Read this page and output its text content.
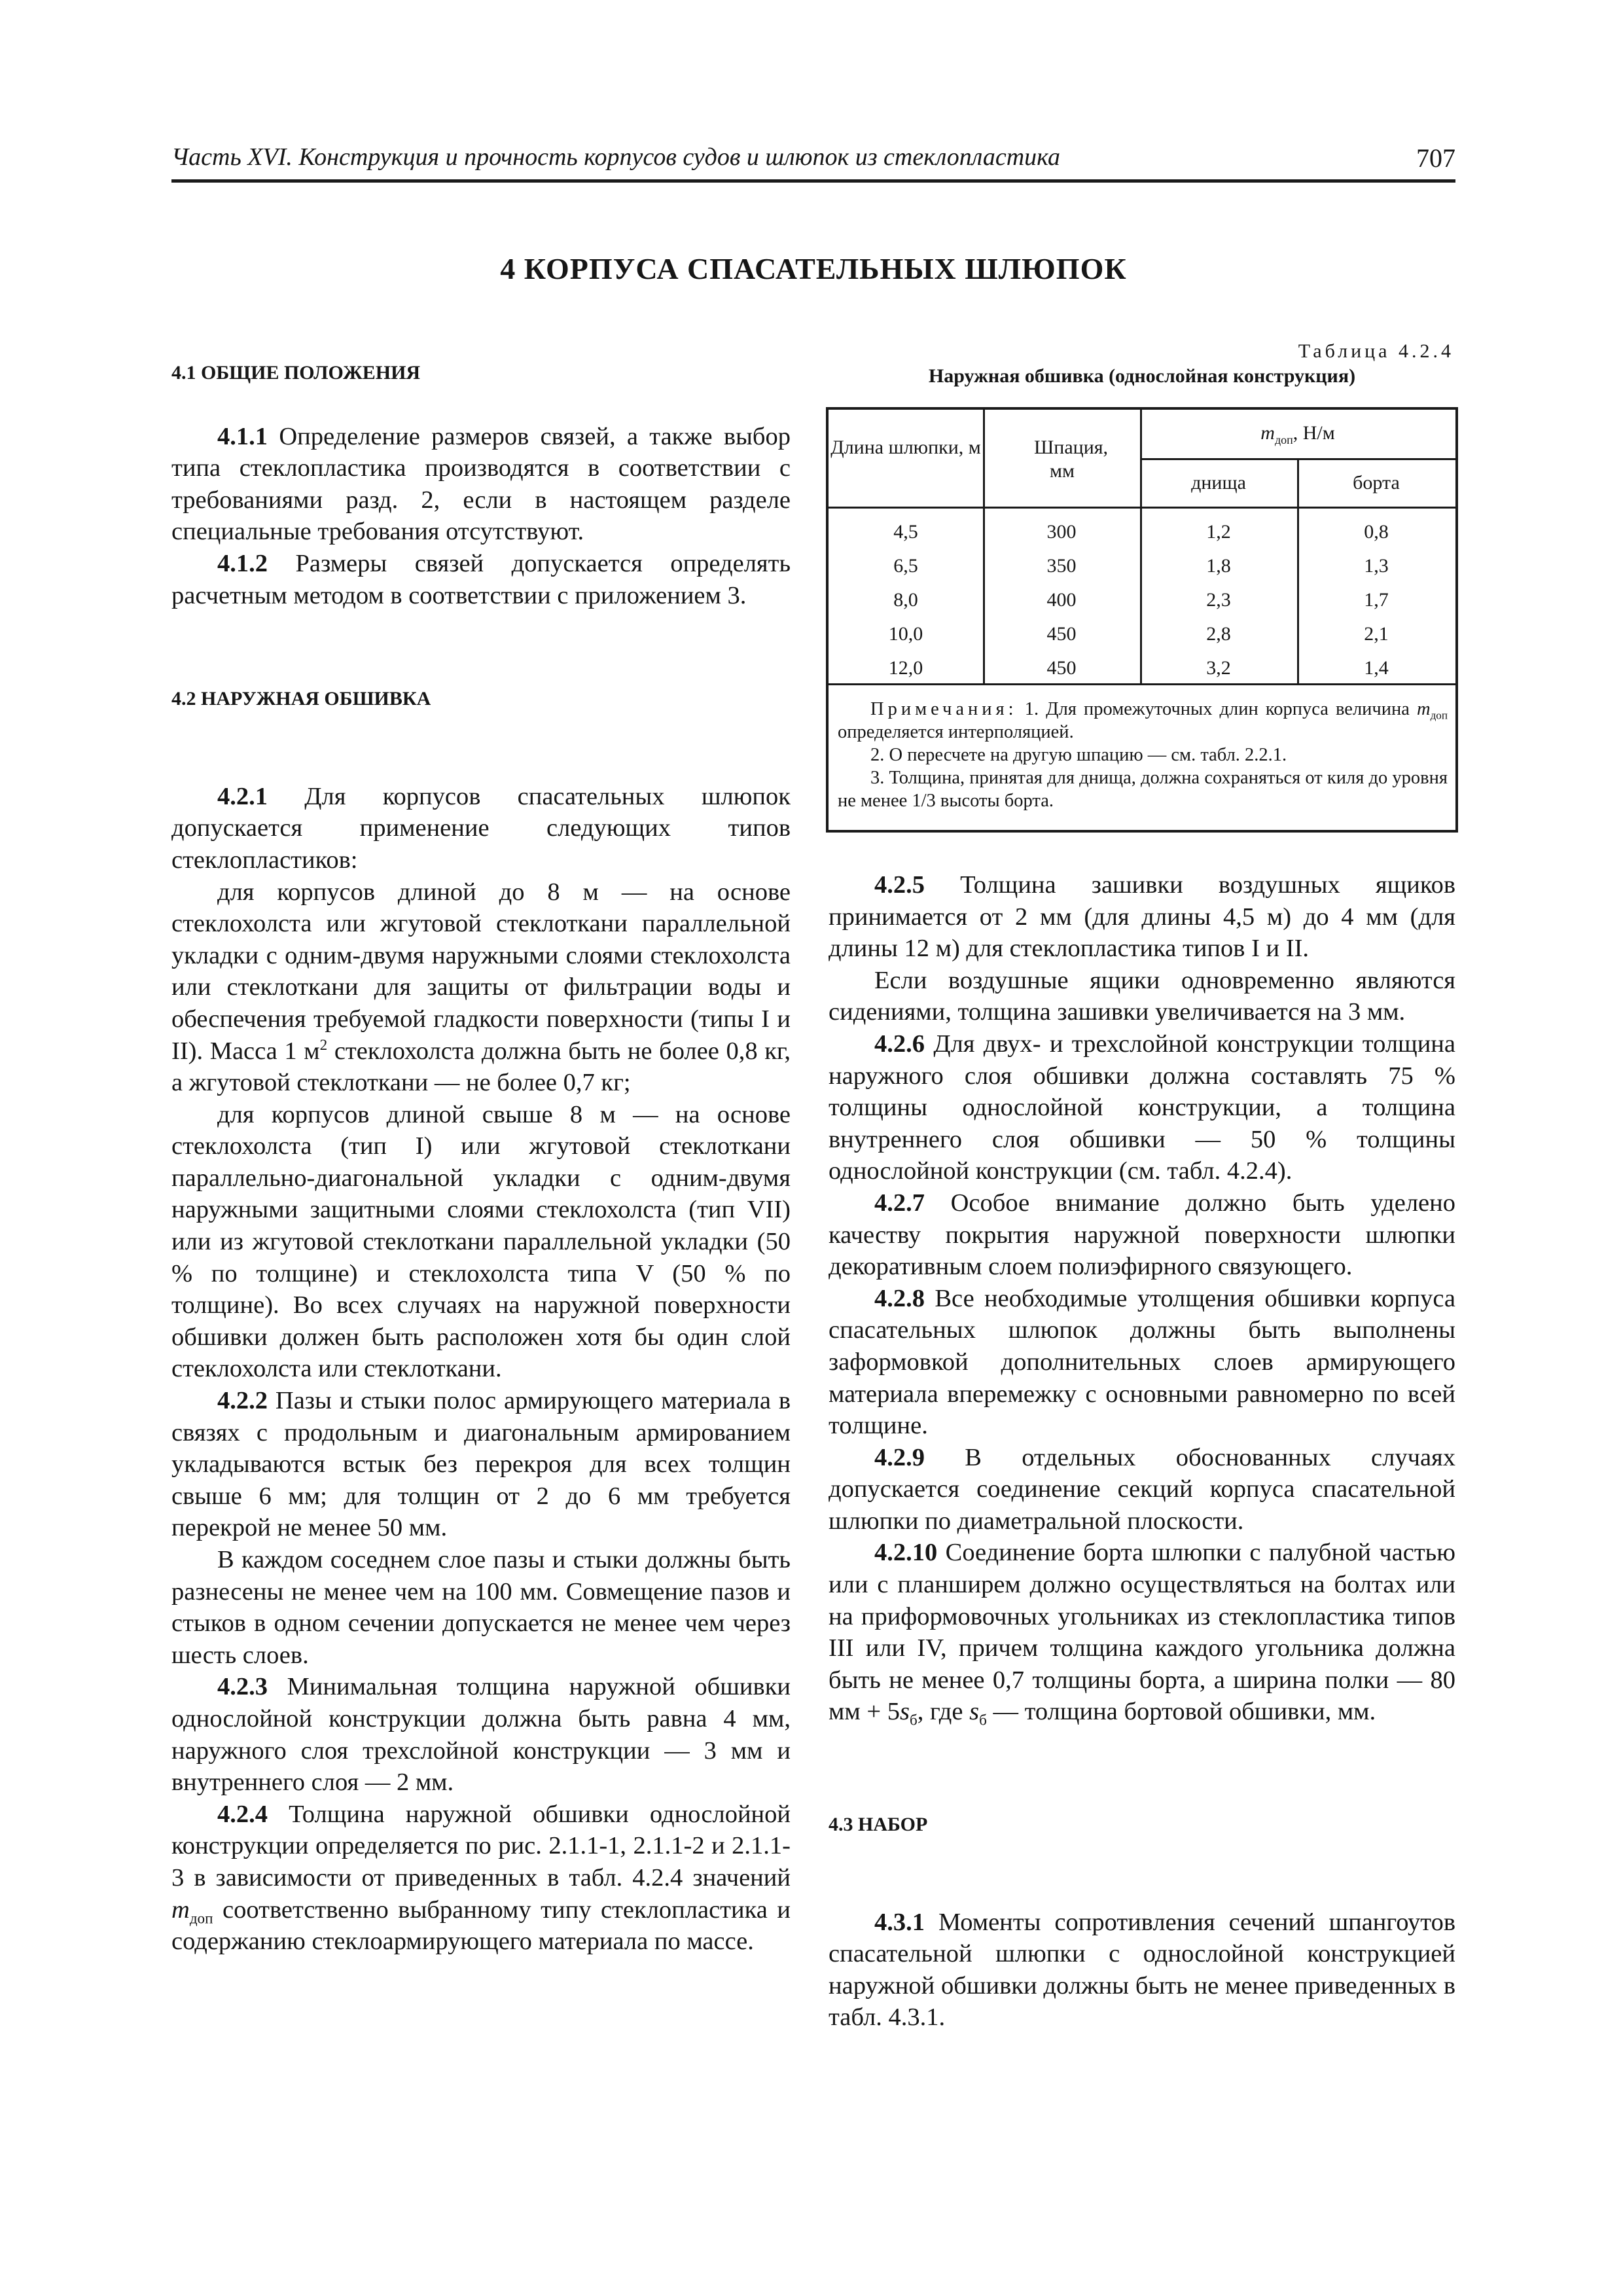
Часть XVI. Конструкция и прочность корпусов судов и шлюпок из стеклопластика	707
4 КОРПУСА СПАСАТЕЛЬНЫХ ШЛЮПОК

4.1 ОБЩИЕ ПОЛОЖЕНИЯ

4.1.1 Определение размеров связей, а также выбор типа стеклопластика производятся в соответствии с требованиями разд. 2, если в настоящем разделе специальные требования отсутствуют.

4.1.2 Размеры связей допускается определять расчетным методом в соответствии с приложением 3.

4.2 НАРУЖНАЯ ОБШИВКА

4.2.1 Для корпусов спасательных шлюпок допускается применение следующих типов стеклопластиков:

для корпусов длиной до 8 м — на основе стеклохолста или жгутовой стеклоткани параллельной укладки с одним-двумя наружными слоями стеклохолста или стеклоткани для защиты от фильтрации воды и обеспечения требуемой гладкости поверхности (типы I и II). Масса 1 $м^2$ стеклохолста должна быть не более 0,8 кг, а жгутовой стеклоткани — не более 0,7 кг;

для корпусов длиной свыше 8 м — на основе стеклохолста (тип I) или жгутовой стеклоткани параллельно-диагональной укладки с одним-двумя наружными защитными слоями стеклохолста (тип VII) или из жгутовой стеклоткани параллельной укладки (50 % по толщине) и стеклохолста типа V (50 % по толщине). Во всех случаях на наружной поверхности обшивки должен быть расположен хотя бы один слой стеклохолста или стеклоткани.

4.2.2 Пазы и стыки полос армирующего материала в связях с продольным и диагональным армированием укладываются встык без перекроя для всех толщин свыше 6 мм; для толщин от 2 до 6 мм требуется перекрой не менее 50 мм.

В каждом соседнем слое пазы и стыки должны быть разнесены не менее чем на 100 мм. Совмещение пазов и стыков в одном сечении допускается не менее чем через шесть слоев.

4.2.3 Минимальная толщина наружной обшивки однослойной конструкции должна быть равна 4 мм, наружного слоя трехслойной конструкции — 3 мм и внутреннего слоя — 2 мм.

4.2.4 Толщина наружной обшивки однослойной конструкции определяется по рис. 2.1.1-1, 2.1.1-2 и 2.1.1-3 в зависимости от приведенных в табл. 4.2.4 значений $m_{доп}$ соответственно выбранному типу стеклопластика и содержанию стеклоармирующего материала по массе.

Таблица 4.2.4
Наружная обшивка (однослойная конструкция)
Длина шлюпки, м	Шпация, мм
$m_{доп}$, Н/м
днища	борта
4,5	300	1,2	0,8
6,5	350	1,8	1,3
8,0	400	2,3	1,7
10,0	450	2,8	2,1
12,0	450	3,2	1,4

Примечания: 1. Для промежуточных длин корпуса величина $m_{доп}$ определяется интерполяцией.

2. О пересчете на другую шпацию — см. табл. 2.2.1.

3. Толщина, принятая для днища, должна сохраняться от киля до уровня не менее 1/3 высоты борта.

4.2.5 Толщина зашивки воздушных ящиков принимается от 2 мм (для длины 4,5 м) до 4 мм (для длины 12 м) для стеклопластика типов I и II.

Если воздушные ящики одновременно являются сидениями, толщина зашивки увеличивается на 3 мм.

4.2.6 Для двух- и трехслойной конструкции толщина наружного слоя обшивки должна составлять 75 % толщины однослойной конструкции, а толщина внутреннего слоя обшивки — 50 % толщины однослойной конструкции (см. табл. 4.2.4).

4.2.7 Особое внимание должно быть уделено качеству покрытия наружной поверхности шлюпки декоративным слоем полиэфирного связующего.

4.2.8 Все необходимые утолщения обшивки корпуса спасательных шлюпок должны быть выполнены заформовкой дополнительных слоев армирующего материала вперемежку с основными равномерно по всей толщине.

4.2.9 В отдельных обоснованных случаях допускается соединение секций корпуса спасательной шлюпки по диаметральной плоскости.

4.2.10 Соединение борта шлюпки с палубной частью или с планширем должно осуществляться на болтах или на приформовочных угольниках из стеклопластика типов III или IV, причем толщина каждого угольника должна быть не менее 0,7 толщины борта, а ширина полки — 80 мм + $5s_б$, где $s_б$ — толщина бортовой обшивки, мм.

4.3 НАБОР

4.3.1 Моменты сопротивления сечений шпангоутов спасательной шлюпки с однослойной конструкцией наружной обшивки должны быть не менее приведенных в табл. 4.3.1.
